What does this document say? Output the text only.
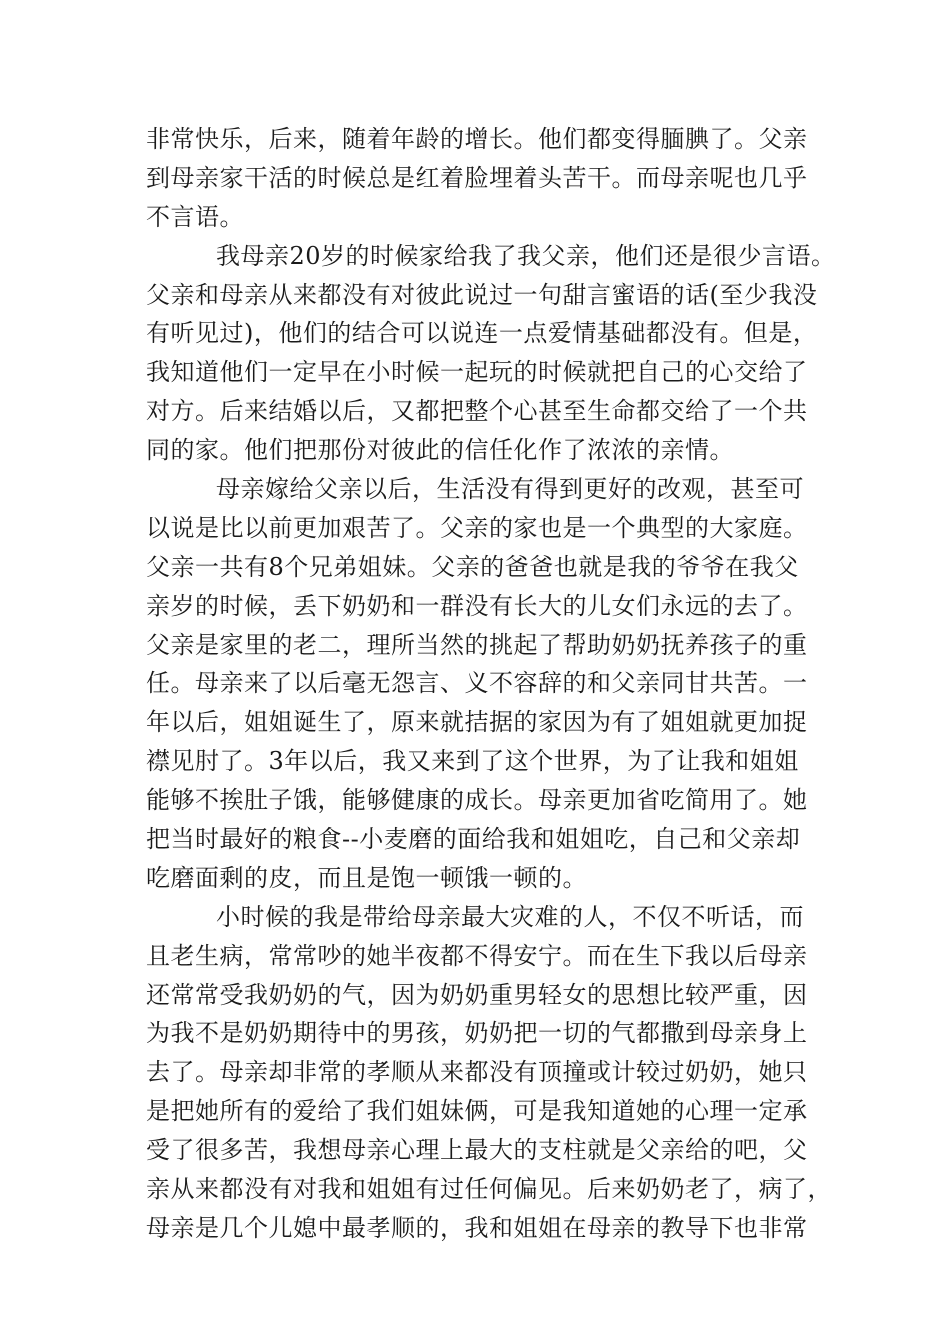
非常快乐，后来，随着年龄的增长。他们都变得腼腆了。父亲
到母亲家干活的时候总是红着脸埋着头苦干。而母亲呢也几乎
不言语。
我母亲20岁的时候家给我了我父亲，他们还是很少言语。
父亲和母亲从来都没有对彼此说过一句甜言蜜语的话(至少我没
有听见过)，他们的结合可以说连一点爱情基础都没有。但是，
我知道他们一定早在小时候一起玩的时候就把自己的心交给了
对方。后来结婚以后，又都把整个心甚至生命都交给了一个共
同的家。他们把那份对彼此的信任化作了浓浓的亲情。
母亲嫁给父亲以后，生活没有得到更好的改观，甚至可
以说是比以前更加艰苦了。父亲的家也是一个典型的大家庭。
父亲一共有8个兄弟姐妹。父亲的爸爸也就是我的爷爷在我父
亲岁的时候，丢下奶奶和一群没有长大的儿女们永远的去了。
父亲是家里的老二，理所当然的挑起了帮助奶奶抚养孩子的重
任。母亲来了以后毫无怨言、义不容辞的和父亲同甘共苦。一
年以后，姐姐诞生了，原来就拮据的家因为有了姐姐就更加捉
襟见肘了。3年以后，我又来到了这个世界，为了让我和姐姐
能够不挨肚子饿，能够健康的成长。母亲更加省吃简用了。她
把当时最好的粮食--小麦磨的面给我和姐姐吃，自己和父亲却
吃磨面剩的皮，而且是饱一顿饿一顿的。
小时候的我是带给母亲最大灾难的人，不仅不听话，而
且老生病，常常吵的她半夜都不得安宁。而在生下我以后母亲
还常常受我奶奶的气，因为奶奶重男轻女的思想比较严重，因
为我不是奶奶期待中的男孩，奶奶把一切的气都撒到母亲身上
去了。母亲却非常的孝顺从来都没有顶撞或计较过奶奶，她只
是把她所有的爱给了我们姐妹俩，可是我知道她的心理一定承
受了很多苦，我想母亲心理上最大的支柱就是父亲给的吧，父
亲从来都没有对我和姐姐有过任何偏见。后来奶奶老了，病了，
母亲是几个儿媳中最孝顺的，我和姐姐在母亲的教导下也非常
